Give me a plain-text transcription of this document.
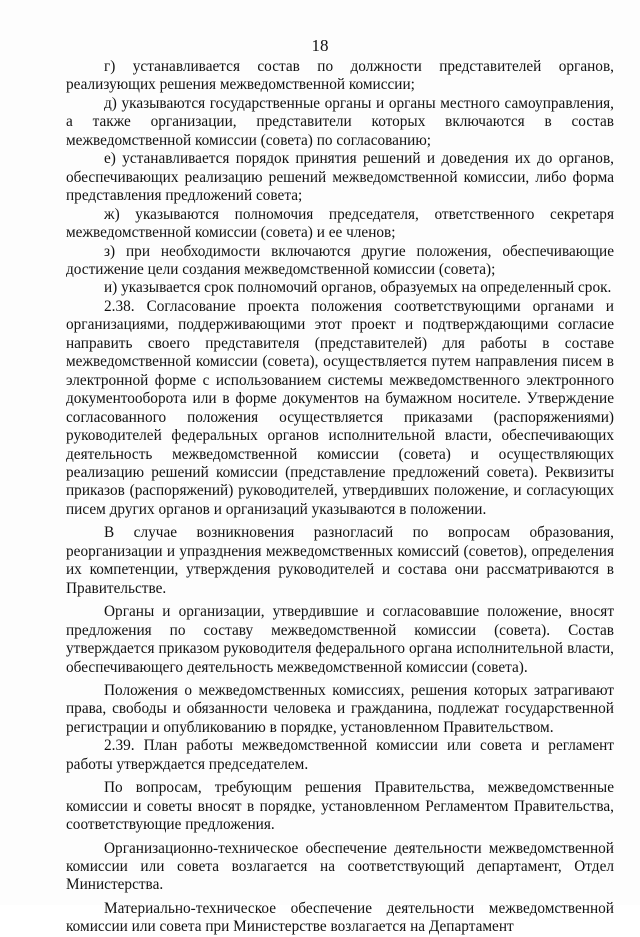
18

г) устанавливается состав по должности представителей органов, реализующих решения межведомственной комиссии;

д) указываются государственные органы и органы местного самоуправления, а также организации, представители которых включаются в состав межведомственной комиссии (совета) по согласованию;

е) устанавливается порядок принятия решений и доведения их до органов, обеспечивающих реализацию решений межведомственной комиссии, либо форма представления предложений совета;

ж) указываются полномочия председателя, ответственного секретаря межведомственной комиссии (совета) и ее членов;

з) при необходимости включаются другие положения, обеспечивающие достижение цели создания межведомственной комиссии (совета);

и) указывается срок полномочий органов, образуемых на определенный срок.

2.38. Согласование проекта положения соответствующими органами и организациями, поддерживающими этот проект и подтверждающими согласие направить своего представителя (представителей) для работы в составе межведомственной комиссии (совета), осуществляется путем направления писем в электронной форме с использованием системы межведомственного электронного документооборота или в форме документов на бумажном носителе. Утверждение согласованного положения осуществляется приказами (распоряжениями) руководителей федеральных органов исполнительной власти, обеспечивающих деятельность межведомственной комиссии (совета) и осуществляющих реализацию решений комиссии (представление предложений совета). Реквизиты приказов (распоряжений) руководителей, утвердивших положение, и согласующих писем других органов и организаций указываются в положении.

В случае возникновения разногласий по вопросам образования, реорганизации и упразднения межведомственных комиссий (советов), определения их компетенции, утверждения руководителей и состава они рассматриваются в Правительстве.

Органы и организации, утвердившие и согласовавшие положение, вносят предложения по составу межведомственной комиссии (совета). Состав утверждается приказом руководителя федерального органа исполнительной власти, обеспечивающего деятельность межведомственной комиссии (совета).

Положения о межведомственных комиссиях, решения которых затрагивают права, свободы и обязанности человека и гражданина, подлежат государственной регистрации и опубликованию в порядке, установленном Правительством.

2.39. План работы межведомственной комиссии или совета и регламент работы утверждается председателем.

По вопросам, требующим решения Правительства, межведомственные комиссии и советы вносят в порядке, установленном Регламентом Правительства, соответствующие предложения.

Организационно-техническое обеспечение деятельности межведомственной комиссии или совета возлагается на соответствующий департамент, Отдел Министерства.

Материально-техническое обеспечение деятельности межведомственной комиссии или совета при Министерстве возлагается на Департамент
